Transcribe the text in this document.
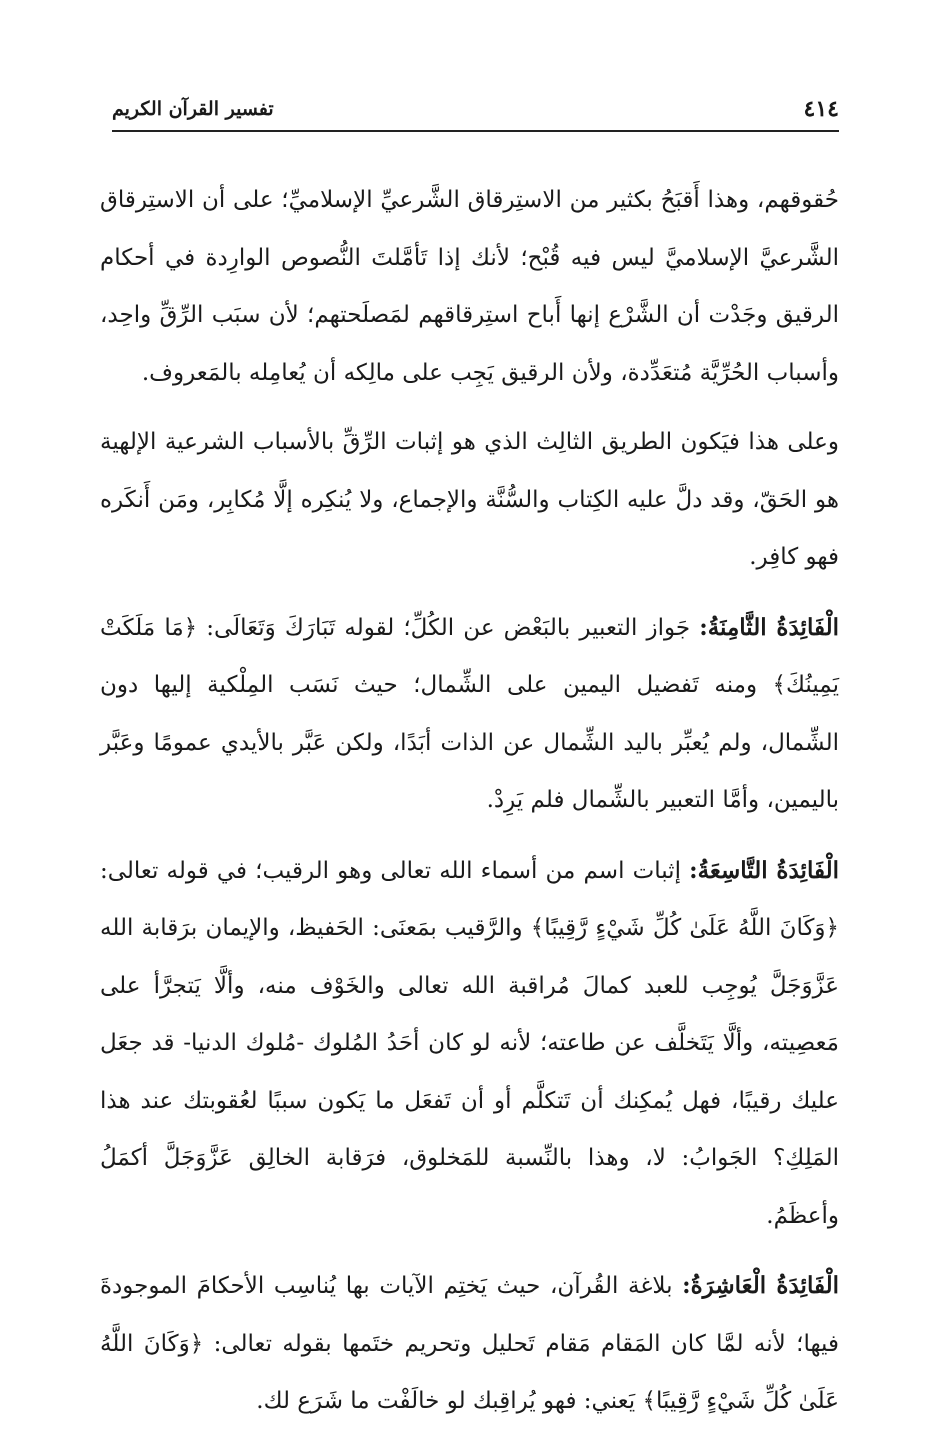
٤١٤
تفسير القرآن الكريم

حُقوقهم، وهذا أَقبَحُ بكثير من الاستِرقاق الشَّرعيِّ الإسلاميِّ؛ على أن الاستِرقاق الشَّرعيَّ الإسلاميَّ ليس فيه قُبْح؛ لأنك إذا تَأمَّلتَ النُّصوص الوارِدة في أحكام الرقيق وجَدْت أن الشَّرْع إنها أَباح استِرقاقهم لمَصلَحتهم؛ لأن سبَب الرِّقِّ واحِد، وأسباب الحُرِّيَّة مُتعَدِّدة، ولأن الرقيق يَجِب على مالِكه أن يُعامِله بالمَعروف.

وعلى هذا فيَكون الطريق الثالِث الذي هو إثبات الرِّقِّ بالأسباب الشرعية الإلهية هو الحَقّ، وقد دلَّ عليه الكِتاب والسُّنَّة والإجماع، ولا يُنكِره إلَّا مُكابِر، ومَن أَنكَره فهو كافِر.

الْفَائِدَةُ الثَّامِنَةُ: جَواز التعبير بالبَعْض عن الكُلِّ؛ لقوله تَبَارَكَ وَتَعَالَى: ﴿مَا مَلَكَتْ يَمِينُكَ﴾ ومنه تَفضيل اليمين على الشِّمال؛ حيث نَسَب المِلْكية إليها دون الشِّمال، ولم يُعبِّر باليد الشِّمال عن الذات أبَدًا، ولكن عَبَّر بالأيدي عمومًا وعَبَّر باليمين، وأمَّا التعبير بالشِّمال فلم يَرِدْ.

الْفَائِدَةُ التَّاسِعَةُ: إثبات اسم من أسماء الله تعالى وهو الرقيب؛ في قوله تعالى: ﴿وَكَانَ اللَّهُ عَلَىٰ كُلِّ شَيْءٍ رَّقِيبًا﴾ والرَّقيب بمَعنَى: الحَفيظ، والإيمان برَقابة الله عَزَّوَجَلَّ يُوجِب للعبد كمالَ مُراقبة الله تعالى والخَوْف منه، وألَّا يَتجرَّأ على مَعصِيته، وألَّا يَتَخلَّف عن طاعته؛ لأنه لو كان أحَدُ المُلوك -مُلوك الدنيا- قد جعَل عليك رقيبًا، فهل يُمكِنك أن تَتكلَّم أو أن تَفعَل ما يَكون سببًا لعُقوبتك عند هذا المَلِكِ؟ الجَوابُ: لا، وهذا بالنِّسبة للمَخلوق، فرَقابة الخالِق عَزَّوَجَلَّ أكمَلُ وأعظَمُ.

الْفَائِدَةُ الْعَاشِرَةُ: بلاغة القُرآن، حيث يَختِم الآيات بها يُناسِب الأحكامَ الموجودةَ فيها؛ لأنه لمَّا كان المَقام مَقام تَحليل وتحريم ختَمها بقوله تعالى: ﴿وَكَانَ اللَّهُ عَلَىٰ كُلِّ شَيْءٍ رَّقِيبًا﴾ يَعني: فهو يُراقِبك لو خالَفْت ما شَرَع لك.
